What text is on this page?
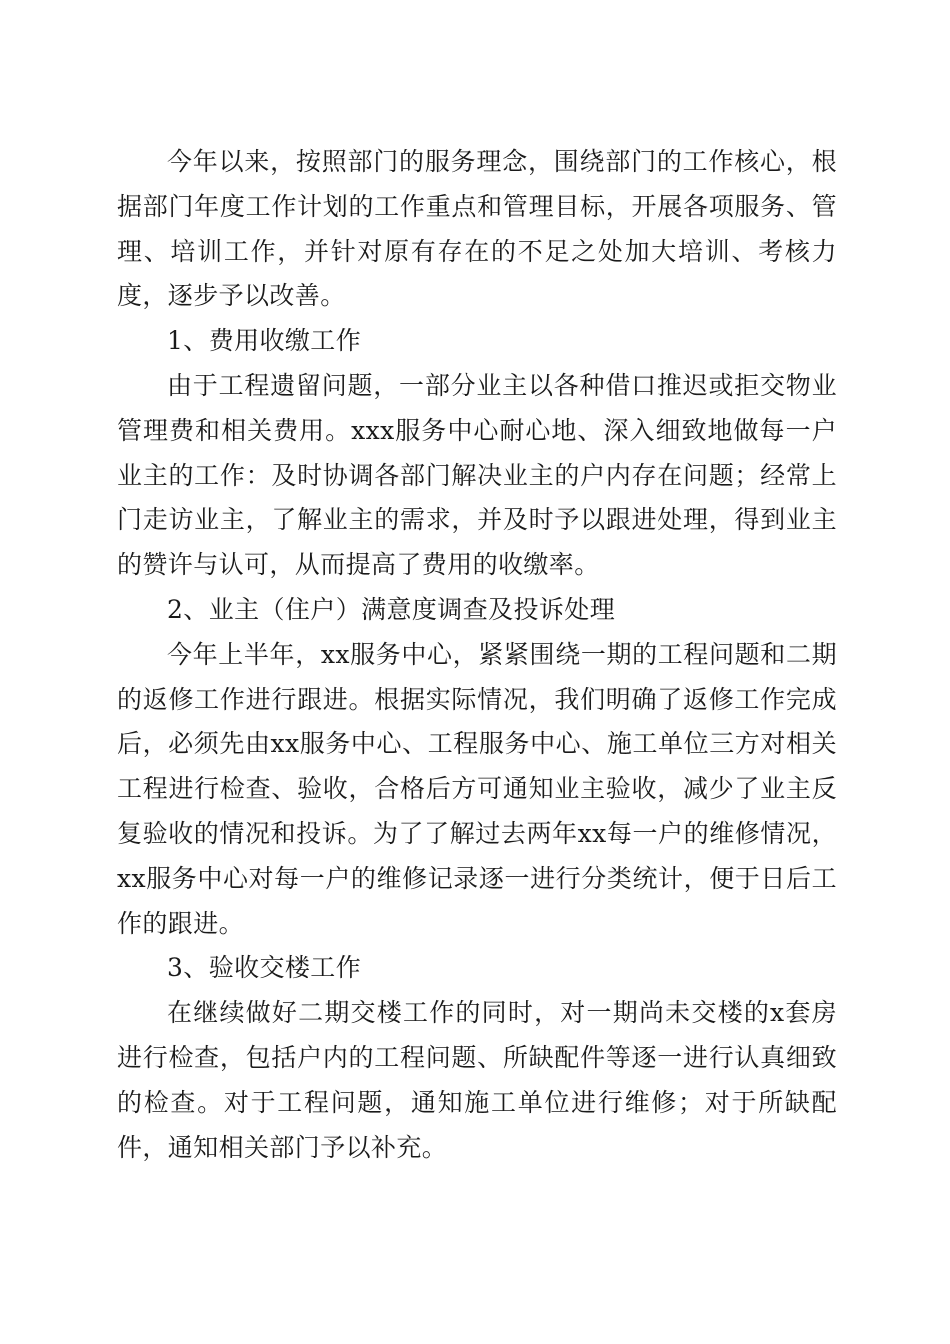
今年以来，按照部门的服务理念，围绕部门的工作核心，根据部门年度工作计划的工作重点和管理目标，开展各项服务、管理、培训工作，并针对原有存在的不足之处加大培训、考核力度，逐步予以改善。

1、费用收缴工作

由于工程遗留问题，一部分业主以各种借口推迟或拒交物业管理费和相关费用。xxx服务中心耐心地、深入细致地做每一户业主的工作：及时协调各部门解决业主的户内存在问题；经常上门走访业主，了解业主的需求，并及时予以跟进处理，得到业主的赞许与认可，从而提高了费用的收缴率。

2、业主（住户）满意度调查及投诉处理

今年上半年，xx服务中心，紧紧围绕一期的工程问题和二期的返修工作进行跟进。根据实际情况，我们明确了返修工作完成后，必须先由xx服务中心、工程服务中心、施工单位三方对相关工程进行检查、验收，合格后方可通知业主验收，减少了业主反复验收的情况和投诉。为了了解过去两年xx每一户的维修情况，xx服务中心对每一户的维修记录逐一进行分类统计，便于日后工作的跟进。

3、验收交楼工作

在继续做好二期交楼工作的同时，对一期尚未交楼的x套房进行检查，包括户内的工程问题、所缺配件等逐一进行认真细致的检查。对于工程问题，通知施工单位进行维修；对于所缺配件，通知相关部门予以补充。
